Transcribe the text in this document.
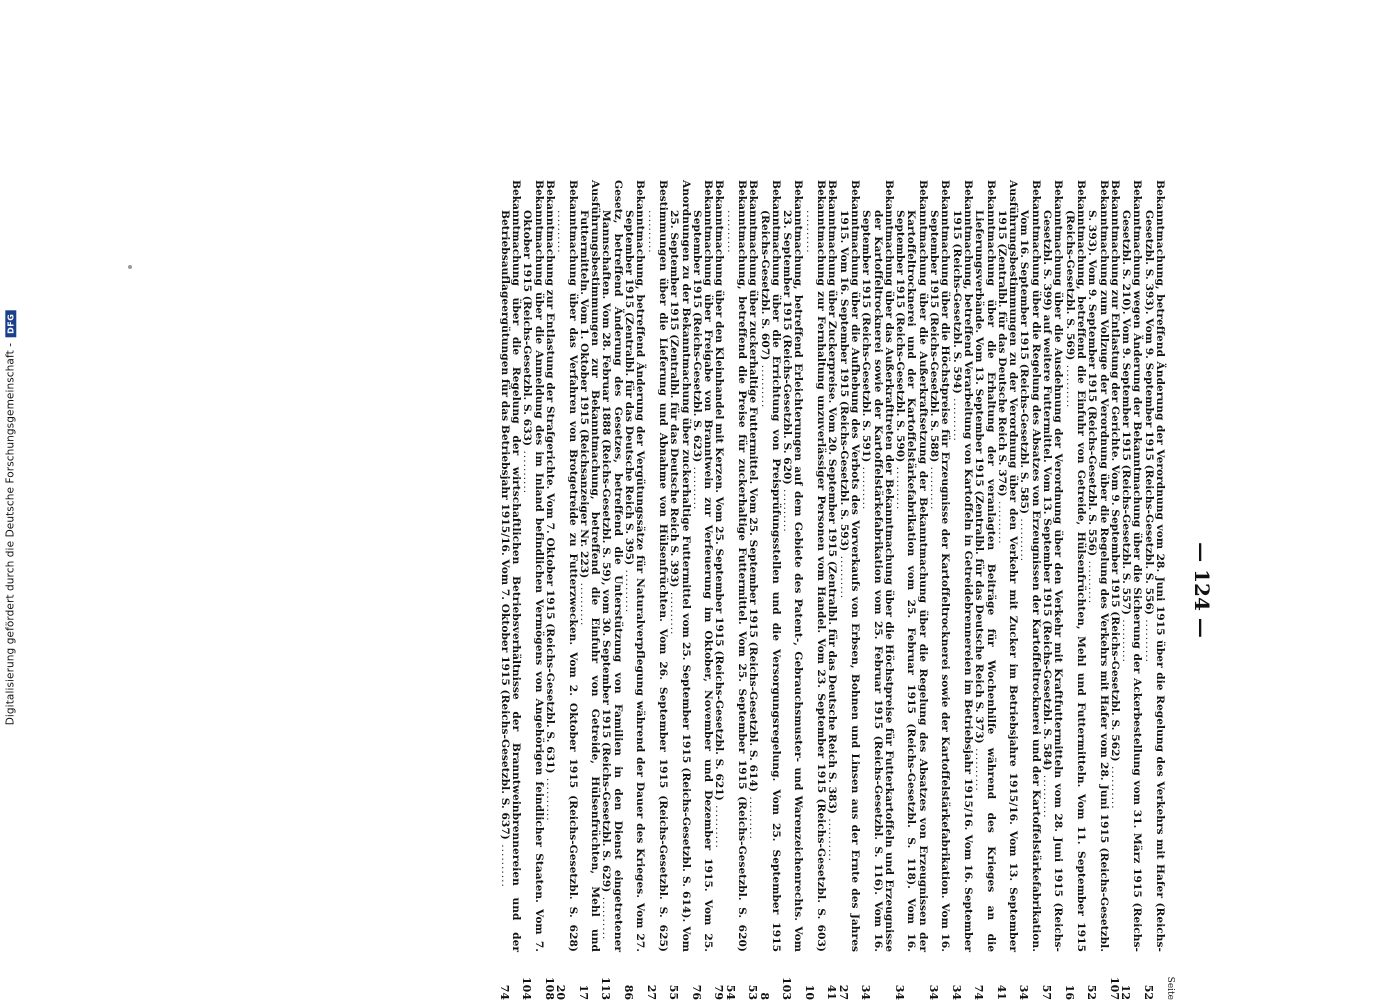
Digitalisierung gefördert durch die Deutsche Forschungsgemeinschaft -
DFG
— 124 —
Seite
Bekanntmachung, betreffend Änderung der Verordnung vom 28. Juni 1915 über die Regelung des Verkehrs mit Hafer (Reichs-Gesetzbl. S. 393). Vom 9. September 1915 (Reichs-Gesetzbl. S. 556) ..........
52
Bekanntmachung wegen Änderung der Bekanntmachung über die Sicherung der Ackerbestellung vom 31. März 1915 (Reichs-Gesetzbl. S. 210). Vom 9. September 1915 (Reichs-Gesetzbl. S. 557) ..........
12
Bekanntmachung zur Entlastung der Gerichte. Vom 9. September 1915 (Reichs-Gesetzbl. S. 562) ..........
107
Bekanntmachung zum Vollzuge der Verordnung über die Regelung des Verkehrs mit Hafer vom 28. Juni 1915 (Reichs-Gesetzbl. S. 393). Vom 9. September 1915 (Reichs-Gesetzbl. S. 556) ..........
52
Bekanntmachung, betreffend die Einfuhr von Getreide, Hülsenfrüchten, Mehl und Futtermitteln. Vom 11. September 1915 (Reichs-Gesetzbl. S. 569) ..........
16
Bekanntmachung über die Ausdehnung der Verordnung über den Verkehr mit Kraftfuttermitteln vom 28. Juni 1915 (Reichs-Gesetzbl. S. 399) auf weitere Futtermittel. Vom 13. September 1915 (Reichs-Gesetzbl. S. 584) ..........
57
Bekanntmachung über die Regelung des Absatzes von Erzeugnissen der Kartoffeltrocknerei und der Kartoffelstärkefabrikation. Vom 16. September 1915 (Reichs-Gesetzbl. S. 585) ..........
34
Ausführungsbestimmungen zu der Verordnung über den Verkehr mit Zucker im Betriebsjahre 1915/16. Vom 13. September 1915 (Zentralbl. für das Deutsche Reich S. 376) ..........
41
Bekanntmachung über die Erhaltung der veranlagten Beiträge für Wochenhilfe während des Krieges an die Lieferungsverbände. Vom 13. September 1915 (Zentralbl. für das Deutsche Reich S. 373) ..........
74
Bekanntmachung, betreffend Verarbeitung von Kartoffeln in Getreidebrennereien im Betriebsjahr 1915/16. Vom 16. September 1915 (Reichs-Gesetzbl. S. 594) ..........
34
Bekanntmachung über die Höchstpreise für Erzeugnisse der Kartoffeltrocknerei sowie der Kartoffelstärkefabrikation. Vom 16. September 1915 (Reichs-Gesetzbl. S. 588) ..........
34
Bekanntmachung über die Außerkraftsetzung der Bekanntmachung über die Regelung des Absatzes von Erzeugnissen der Kartoffeltrocknerei und der Kartoffelstärkefabrikation vom 25. Februar 1915 (Reichs-Gesetzbl. S. 118). Vom 16. September 1915 (Reichs-Gesetzbl. S. 590) ..........
34
Bekanntmachung über das Außerkrafttreten der Bekanntmachung über die Höchstpreise für Futterkartoffeln und Erzeugnisse der Kartoffeltrocknerei sowie der Kartoffelstärkefabrikation vom 25. Februar 1915 (Reichs-Gesetzbl. S. 116). Vom 16. September 1915 (Reichs-Gesetzbl. S. 591) ..........
34
Bekanntmachung über die Aufhebung des Verbots des Vorverkaufs von Erbsen, Bohnen und Linsen aus der Ernte des Jahres 1915. Vom 16. September 1915 (Reichs-Gesetzbl. S. 593) ..........
27
Bekanntmachung über Zuckerpreise. Vom 20. September 1915 (Zentralbl. für das Deutsche Reich S. 383) ..........
41
Bekanntmachung zur Fernhaltung unzuverlässiger Personen vom Handel. Vom 23. September 1915 (Reichs-Gesetzbl. S. 603) ..........
10
Bekanntmachung, betreffend Erleichterungen auf dem Gebiete des Patent-, Gebrauchsmuster- und Warenzeichenrechts. Vom 23. September 1915 (Reichs-Gesetzbl. S. 620) ..........
103
Bekanntmachung über die Errichtung von Preisprüfungsstellen und die Versorgungsregelung. Vom 25. September 1915 (Reichs-Gesetzbl. S. 607) ..........
8
Bekanntmachung über zuckerhaltige Futtermittel. Vom 25. September 1915 (Reichs-Gesetzbl. S. 614) ..........
53
Bekanntmachung, betreffend die Preise für zuckerhaltige Futtermittel. Vom 25. September 1915 (Reichs-Gesetzbl. S. 620) ..........
54
Bekanntmachung über den Kleinhandel mit Kerzen. Vom 25. September 1915 (Reichs-Gesetzbl. S. 621) ..........
79
Bekanntmachung über Freigabe von Branntwein zur Verfeuerung im Oktober, November und Dezember 1915. Vom 25. September 1915 (Reichs-Gesetzbl. S. 623) ..........
76
Anordnungen zu der Bekanntmachung über zuckerhaltige Futtermittel vom 25. September 1915 (Reichs-Gesetzbl. S. 614). Vom 25. September 1915 (Zentralbl. für das Deutsche Reich S. 393) ..........
55
Bestimmungen über die Lieferung und Abnahme von Hülsenfrüchten. Vom 26. September 1915 (Reichs-Gesetzbl. S. 625) ..........
27
Bekanntmachung, betreffend Änderung der Vergütungssätze für Naturalverpflegung während der Dauer des Krieges. Vom 27. September 1915 (Zentralbl. für das Deutsche Reich S. 395) ..........
86
Gesetz, betreffend Änderung des Gesetzes, betreffend die Unterstützung von Familien in den Dienst eingetretener Mannschaften. Vom 28. Februar 1888 (Reichs-Gesetzbl. S. 59), vom 30. September 1915 (Reichs-Gesetzbl. S. 629) ..........
113
Ausführungsbestimmungen zur Bekanntmachung, betreffend die Einfuhr von Getreide, Hülsenfrüchten, Mehl und Futtermitteln. Vom 1. Oktober 1915 (Reichsanzeiger Nr. 223) ..........
17
Bekanntmachung über das Verfahren von Brotgetreide zu Futterzwecken. Vom 2. Oktober 1915 (Reichs-Gesetzbl. S. 628) ..........
20
Bekanntmachung zur Entlastung der Strafgerichte. Vom 7. Oktober 1915 (Reichs-Gesetzbl. S. 631) ..........
108
Bekanntmachung über die Anmeldung des im Inland befindlichen Vermögens von Angehörigen feindlicher Staaten. Vom 7. Oktober 1915 (Reichs-Gesetzbl. S. 633) ..........
104
Bekanntmachung über die Regelung der wirtschaftlichen Betriebsverhältnisse der Branntweinbrennereien und der Betriebsauflageergütungen für das Betriebsjahr 1915/16. Vom 7. Oktober 1915 (Reichs-Gesetzbl. S. 637) ..........
74
